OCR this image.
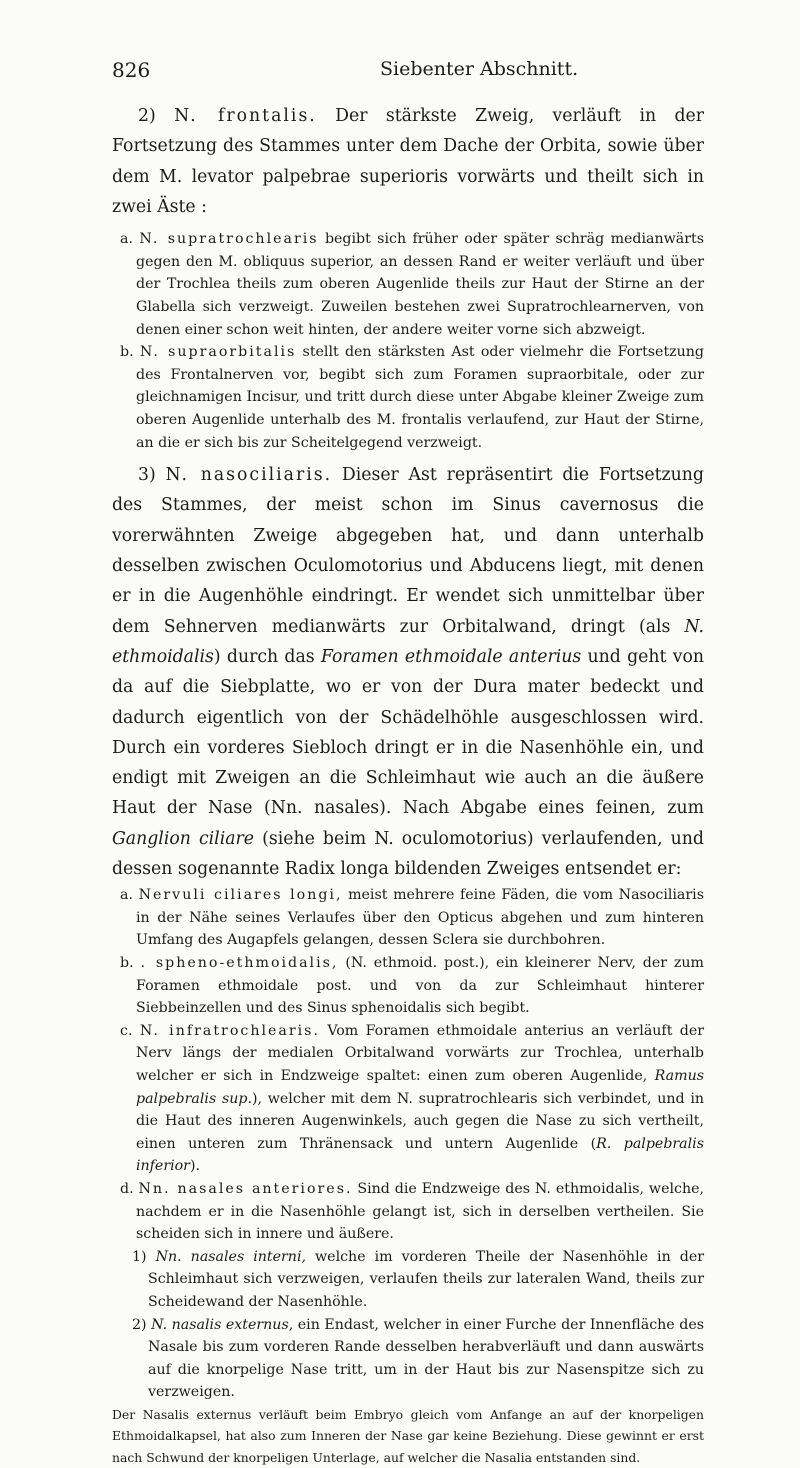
826	Siebenter Abschnitt.

2) N. frontalis. Der stärkste Zweig, verläuft in der Fortsetzung des Stammes unter dem Dache der Orbita, sowie über dem M. levator palpebrae superioris vorwärts und theilt sich in zwei Äste :

a. N. supratrochlearis begibt sich früher oder später schräg medianwärts gegen den M. obliquus superior, an dessen Rand er weiter verläuft und über der Trochlea theils zum oberen Augenlide theils zur Haut der Stirne an der Glabella sich verzweigt. Zuweilen bestehen zwei Supratrochlearnerven, von denen einer schon weit hinten, der andere weiter vorne sich abzweigt.

b. N. supraorbitalis stellt den stärksten Ast oder vielmehr die Fortsetzung des Frontalnerven vor, begibt sich zum Foramen supraorbitale, oder zur gleichnamigen Incisur, und tritt durch diese unter Abgabe kleiner Zweige zum oberen Augenlide unterhalb des M. frontalis verlaufend, zur Haut der Stirne, an die er sich bis zur Scheitelgegend verzweigt.

3) N. nasociliaris. Dieser Ast repräsentirt die Fortsetzung des Stammes, der meist schon im Sinus cavernosus die vorerwähnten Zweige abgegeben hat, und dann unterhalb desselben zwischen Oculomotorius und Abducens liegt, mit denen er in die Augenhöhle eindringt. Er wendet sich unmittelbar über dem Sehnerven medianwärts zur Orbitalwand, dringt (als N. ethmoidalis) durch das Foramen ethmoidale anterius und geht von da auf die Siebplatte, wo er von der Dura mater bedeckt und dadurch eigentlich von der Schädelhöhle ausgeschlossen wird. Durch ein vorderes Siebloch dringt er in die Nasenhöhle ein, und endigt mit Zweigen an die Schleimhaut wie auch an die äußere Haut der Nase (Nn. nasales). Nach Abgabe eines feinen, zum Ganglion ciliare (siehe beim N. oculomotorius) verlaufenden, und dessen sogenannte Radix longa bildenden Zweiges entsendet er:

a. Nervuli ciliares longi, meist mehrere feine Fäden, die vom Nasociliaris in der Nähe seines Verlaufes über den Opticus abgehen und zum hinteren Umfang des Augapfels gelangen, dessen Sclera sie durchbohren.

b. . spheno-ethmoidalis, (N. ethmoid. post.), ein kleinerer Nerv, der zum Foramen ethmoidale post. und von da zur Schleimhaut hinterer Siebbeinzellen und des Sinus sphenoidalis sich begibt.

c. N. infratrochlearis. Vom Foramen ethmoidale anterius an verläuft der Nerv längs der medialen Orbitalwand vorwärts zur Trochlea, unterhalb welcher er sich in Endzweige spaltet: einen zum oberen Augenlide, Ramus palpebralis sup.), welcher mit dem N. supratrochlearis sich verbindet, und in die Haut des inneren Augenwinkels, auch gegen die Nase zu sich vertheilt, einen unteren zum Thränensack und untern Augenlide (R. palpebralis inferior).

d. Nn. nasales anteriores. Sind die Endzweige des N. ethmoidalis, welche, nachdem er in die Nasenhöhle gelangt ist, sich in derselben vertheilen. Sie scheiden sich in innere und äußere.

1) Nn. nasales interni, welche im vorderen Theile der Nasenhöhle in der Schleimhaut sich verzweigen, verlaufen theils zur lateralen Wand, theils zur Scheidewand der Nasenhöhle.

2) N. nasalis externus, ein Endast, welcher in einer Furche der Innenfläche des Nasale bis zum vorderen Rande desselben herabverläuft und dann auswärts auf die knorpelige Nase tritt, um in der Haut bis zur Nasenspitze sich zu verzweigen.

Der Nasalis externus verläuft beim Embryo gleich vom Anfange an auf der knorpeligen Ethmoidalkapsel, hat also zum Inneren der Nase gar keine Beziehung. Diese gewinnt er erst nach Schwund der knorpeligen Unterlage, auf welcher die Nasalia entstanden sind.
